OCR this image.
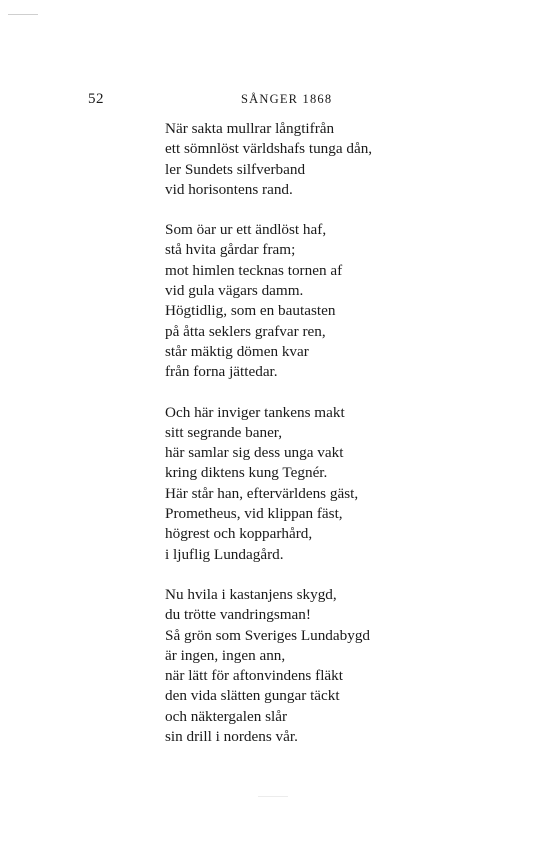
52	SÅNGER 1868
När sakta mullrar långtifrån
ett sömnlöst världshafs tunga dån,
ler Sundets silfverband
vid horisontens rand.
Som öar ur ett ändlöst haf,
stå hvita gårdar fram;
mot himlen tecknas tornen af
vid gula vägars damm.
Högtidlig, som en bautasten
på åtta seklers grafvar ren,
står mäktig dömen kvar
från forna jättedar.
Och här inviger tankens makt
sitt segrande baner,
här samlar sig dess unga vakt
kring diktens kung Tegnér.
Här står han, eftervärldens gäst,
Prometheus, vid klippan fäst,
högrest och kopparhård,
i ljuflig Lundagård.
Nu hvila i kastanjens skygd,
du trötte vandringsman!
Så grön som Sveriges Lundabygd
är ingen, ingen ann,
när lätt för aftonvindens fläkt
den vida slätten gungar täckt
och näktergalen slår
sin drill i nordens vår.
